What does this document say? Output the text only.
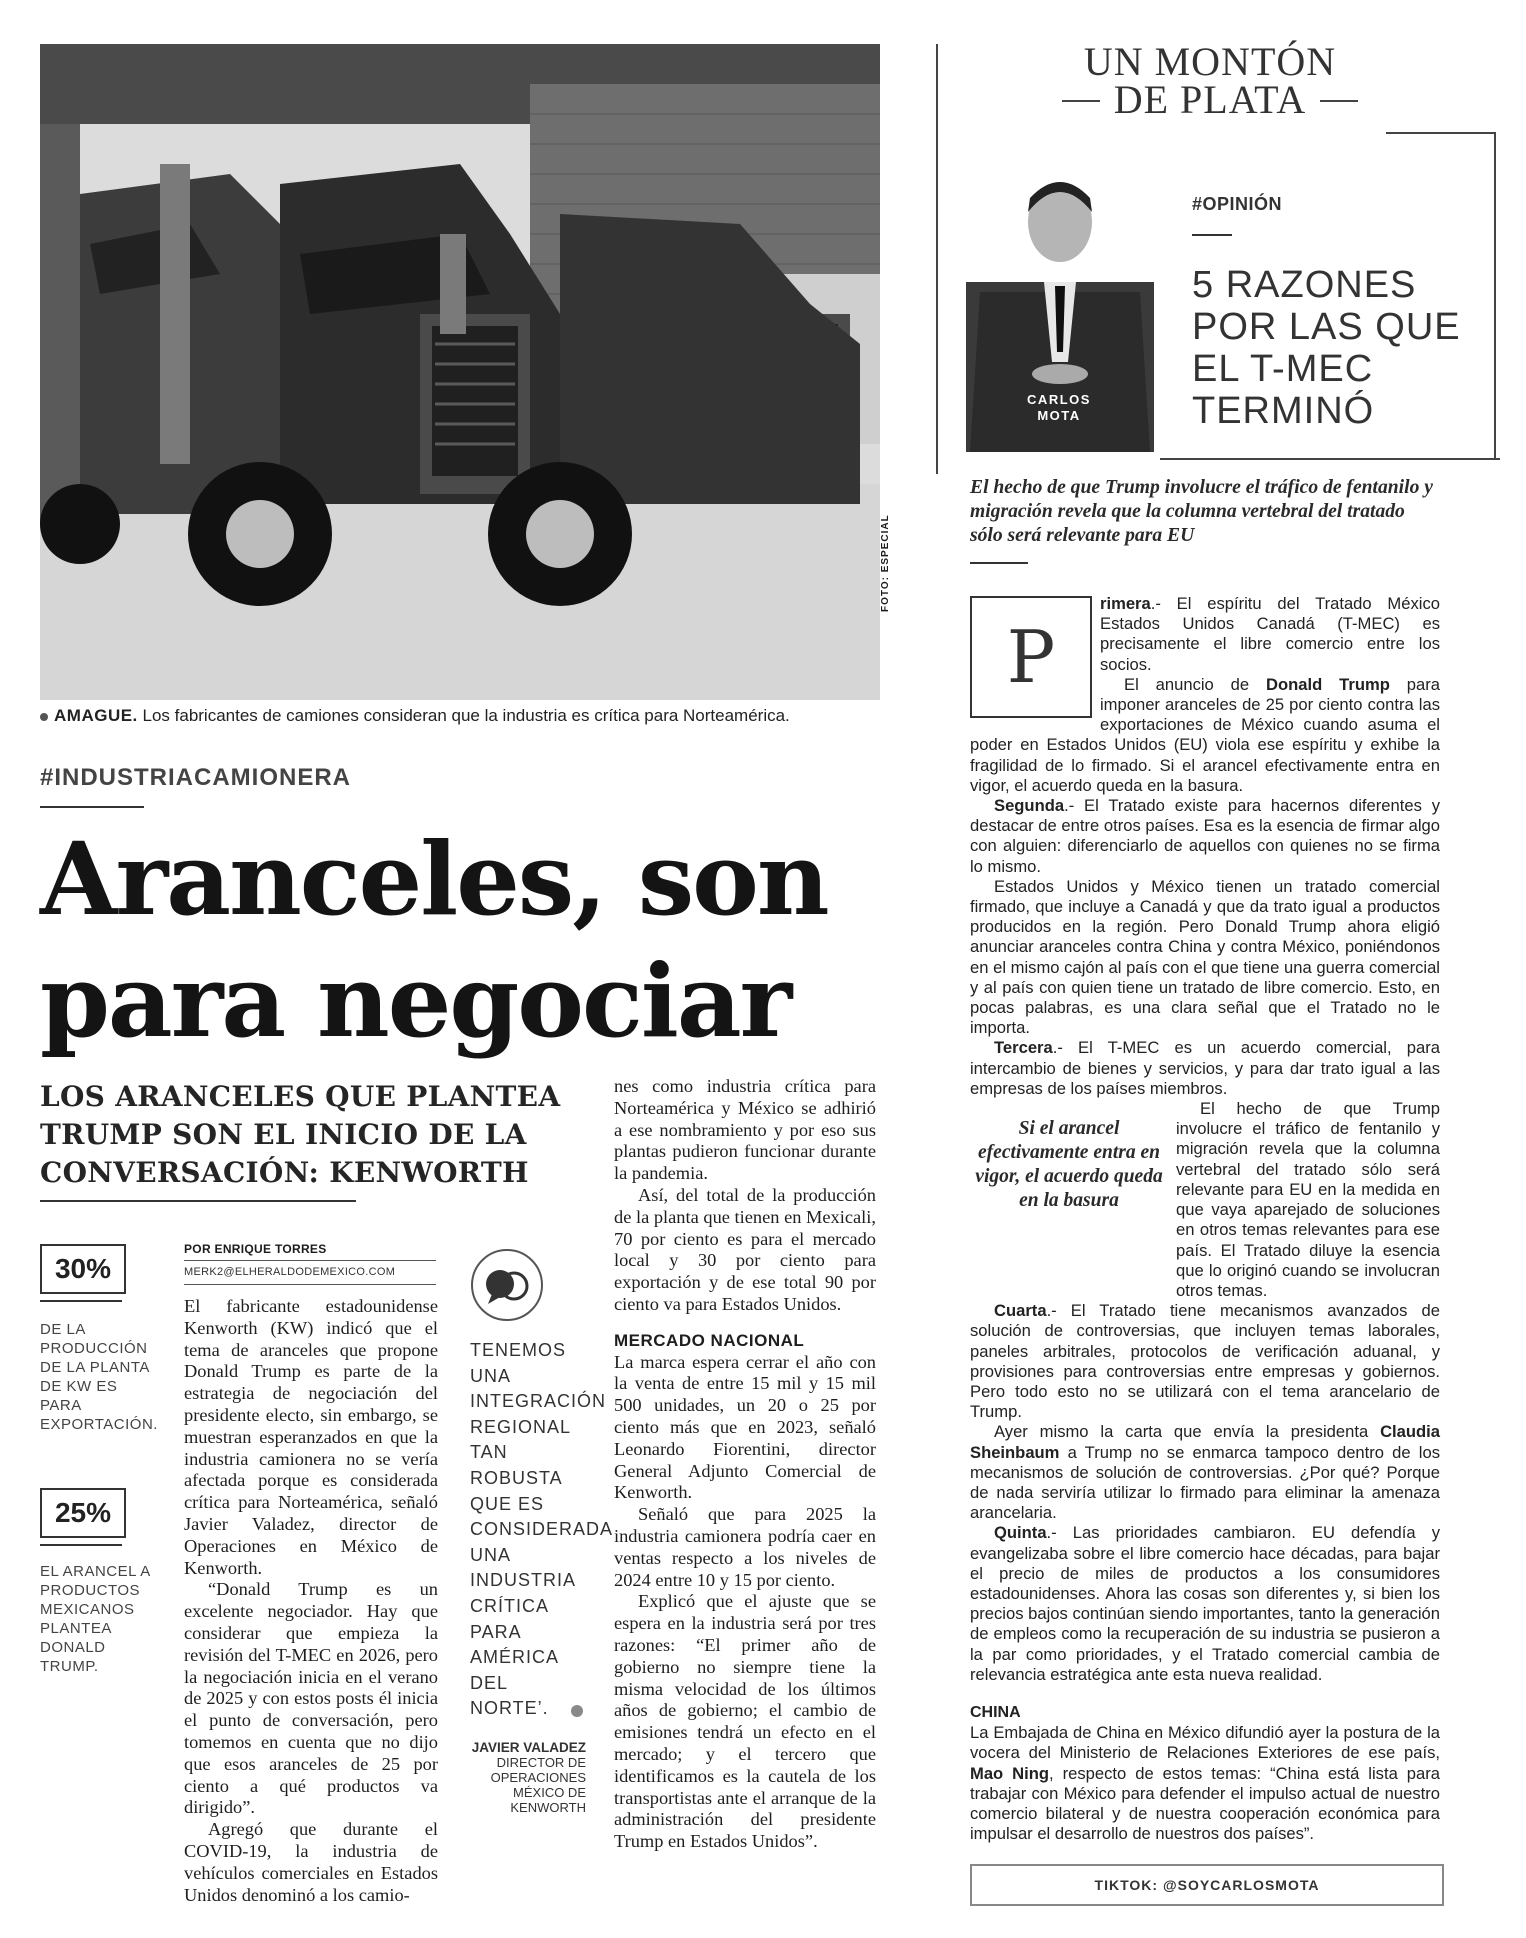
FOTO: ESPECIAL
AMAGUE. Los fabricantes de camiones consideran que la industria es crítica para Norteamérica.
#INDUSTRIACAMIONERA
Aranceles, son
para negociar
LOS ARANCELES QUE PLANTEA TRUMP SON EL INICIO DE LA CONVERSACIÓN: KENWORTH
30%
DE LA PRODUCCIÓN DE LA PLANTA DE KW ES PARA EXPORTACIÓN.
25%
EL ARANCEL A PRODUCTOS MEXICANOS PLANTEA DONALD TRUMP.
POR ENRIQUE TORRES
MERK2@ELHERALDODEMEXICO.COM

El fabricante estadounidense Kenworth (KW) indicó que el tema de aranceles que propone Donald Trump es parte de la estrategia de negociación del presidente electo, sin embargo, se muestran esperanzados en que la industria camionera no se vería afectada porque es considerada crítica para Norteamérica, señaló Javier Valadez, director de Operaciones en México de Kenworth.

“Donald Trump es un excelente negociador. Hay que considerar que empieza la revisión del T-MEC en 2026, pero la negociación inicia en el verano de 2025 y con estos posts él inicia el punto de conversación, pero tomemos en cuenta que no dijo que esos aranceles de 25 por ciento a qué productos va dirigido”.

Agregó que durante el COVID-19, la industria de vehículos comerciales en Estados Unidos denominó a los camio-

TENEMOS UNA INTEGRACIÓN REGIONAL TAN ROBUSTA QUE ES CONSIDERADA UNA INDUSTRIA CRÍTICA PARA AMÉRICA DEL NORTE’.
JAVIER VALADEZ
DIRECTOR DE OPERACIONES MÉXICO DE KENWORTH

nes como industria crítica para Norteamérica y México se adhirió a ese nombramiento y por eso sus plantas pudieron funcionar durante la pandemia.

Así, del total de la producción de la planta que tienen en Mexicali, 70 por ciento es para el mercado local y 30 por ciento para exportación y de ese total 90 por ciento va para Estados Unidos.

MERCADO NACIONAL

La marca espera cerrar el año con la venta de entre 15 mil y 15 mil 500 unidades, un 20 o 25 por ciento más que en 2023, señaló Leonardo Fiorentini, director General Adjunto Comercial de Kenworth.

Señaló que para 2025 la industria camionera podría caer en ventas respecto a los niveles de 2024 entre 10 y 15 por ciento.

Explicó que el ajuste que se espera en la industria será por tres razones: “El primer año de gobierno no siempre tiene la misma velocidad de los últimos años de gobierno; el cambio de emisiones tendrá un efecto en el mercado; y el tercero que identificamos es la cautela de los transportistas ante el arranque de la administración del presidente Trump en Estados Unidos”.

UN MONTÓN
DE PLATA
CARLOS
MOTA
#OPINIÓN
5 RAZONES POR LAS QUE EL T-MEC TERMINÓ
El hecho de que Trump involucre el tráfico de fentanilo y migración revela que la columna vertebral del tratado sólo será relevante para EU
P

rimera.- El espíritu del Tratado México Estados Unidos Canadá (T-MEC) es precisamente el libre comercio entre los socios.

El anuncio de Donald Trump para imponer aranceles de 25 por ciento contra las exportaciones de México cuando asuma el poder en Estados Unidos (EU) viola ese espíritu y exhibe la fragilidad de lo firmado. Si el arancel efectivamente entra en vigor, el acuerdo queda en la basura.

Segunda.- El Tratado existe para hacernos diferentes y destacar de entre otros países. Esa es la esencia de firmar algo con alguien: diferenciarlo de aquellos con quienes no se firma lo mismo.

Estados Unidos y México tienen un tratado comercial firmado, que incluye a Canadá y que da trato igual a productos producidos en la región. Pero Donald Trump ahora eligió anunciar aranceles contra China y contra México, poniéndonos en el mismo cajón al país con el que tiene una guerra comercial y al país con quien tiene un tratado de libre comercio. Esto, en pocas palabras, es una clara señal que el Tratado no le importa.

Tercera.- El T-MEC es un acuerdo comercial, para intercambio de bienes y servicios, y para dar trato igual a las empresas de los países miembros.

Si el arancel efectivamente entra en vigor, el acuerdo queda en la basura

El hecho de que Trump involucre el tráfico de fentanilo y migración revela que la columna vertebral del tratado sólo será relevante para EU en la medida en que vaya aparejado de soluciones en otros temas relevantes para ese país. El Tratado diluye la esencia que lo originó cuando se involucran otros temas.

Cuarta.- El Tratado tiene mecanismos avanzados de solución de controversias, que incluyen temas laborales, paneles arbitrales, protocolos de verificación aduanal, y provisiones para controversias entre empresas y gobiernos. Pero todo esto no se utilizará con el tema arancelario de Trump.

Ayer mismo la carta que envía la presidenta Claudia Sheinbaum a Trump no se enmarca tampoco dentro de los mecanismos de solución de controversias. ¿Por qué? Porque de nada serviría utilizar lo firmado para eliminar la amenaza arancelaria.

Quinta.- Las prioridades cambiaron. EU defendía y evangelizaba sobre el libre comercio hace décadas, para bajar el precio de miles de productos a los consumidores estadounidenses. Ahora las cosas son diferentes y, si bien los precios bajos continúan siendo importantes, tanto la generación de empleos como la recuperación de su industria se pusieron a la par como prioridades, y el Tratado comercial cambia de relevancia estratégica ante esta nueva realidad.

CHINA

La Embajada de China en México difundió ayer la postura de la vocera del Ministerio de Relaciones Exteriores de ese país, Mao Ning, respecto de estos temas: “China está lista para trabajar con México para defender el impulso actual de nuestro comercio bilateral y de nuestra cooperación económica para impulsar el desarrollo de nuestros dos países”.

TIKTOK: @SOYCARLOSMOTA
